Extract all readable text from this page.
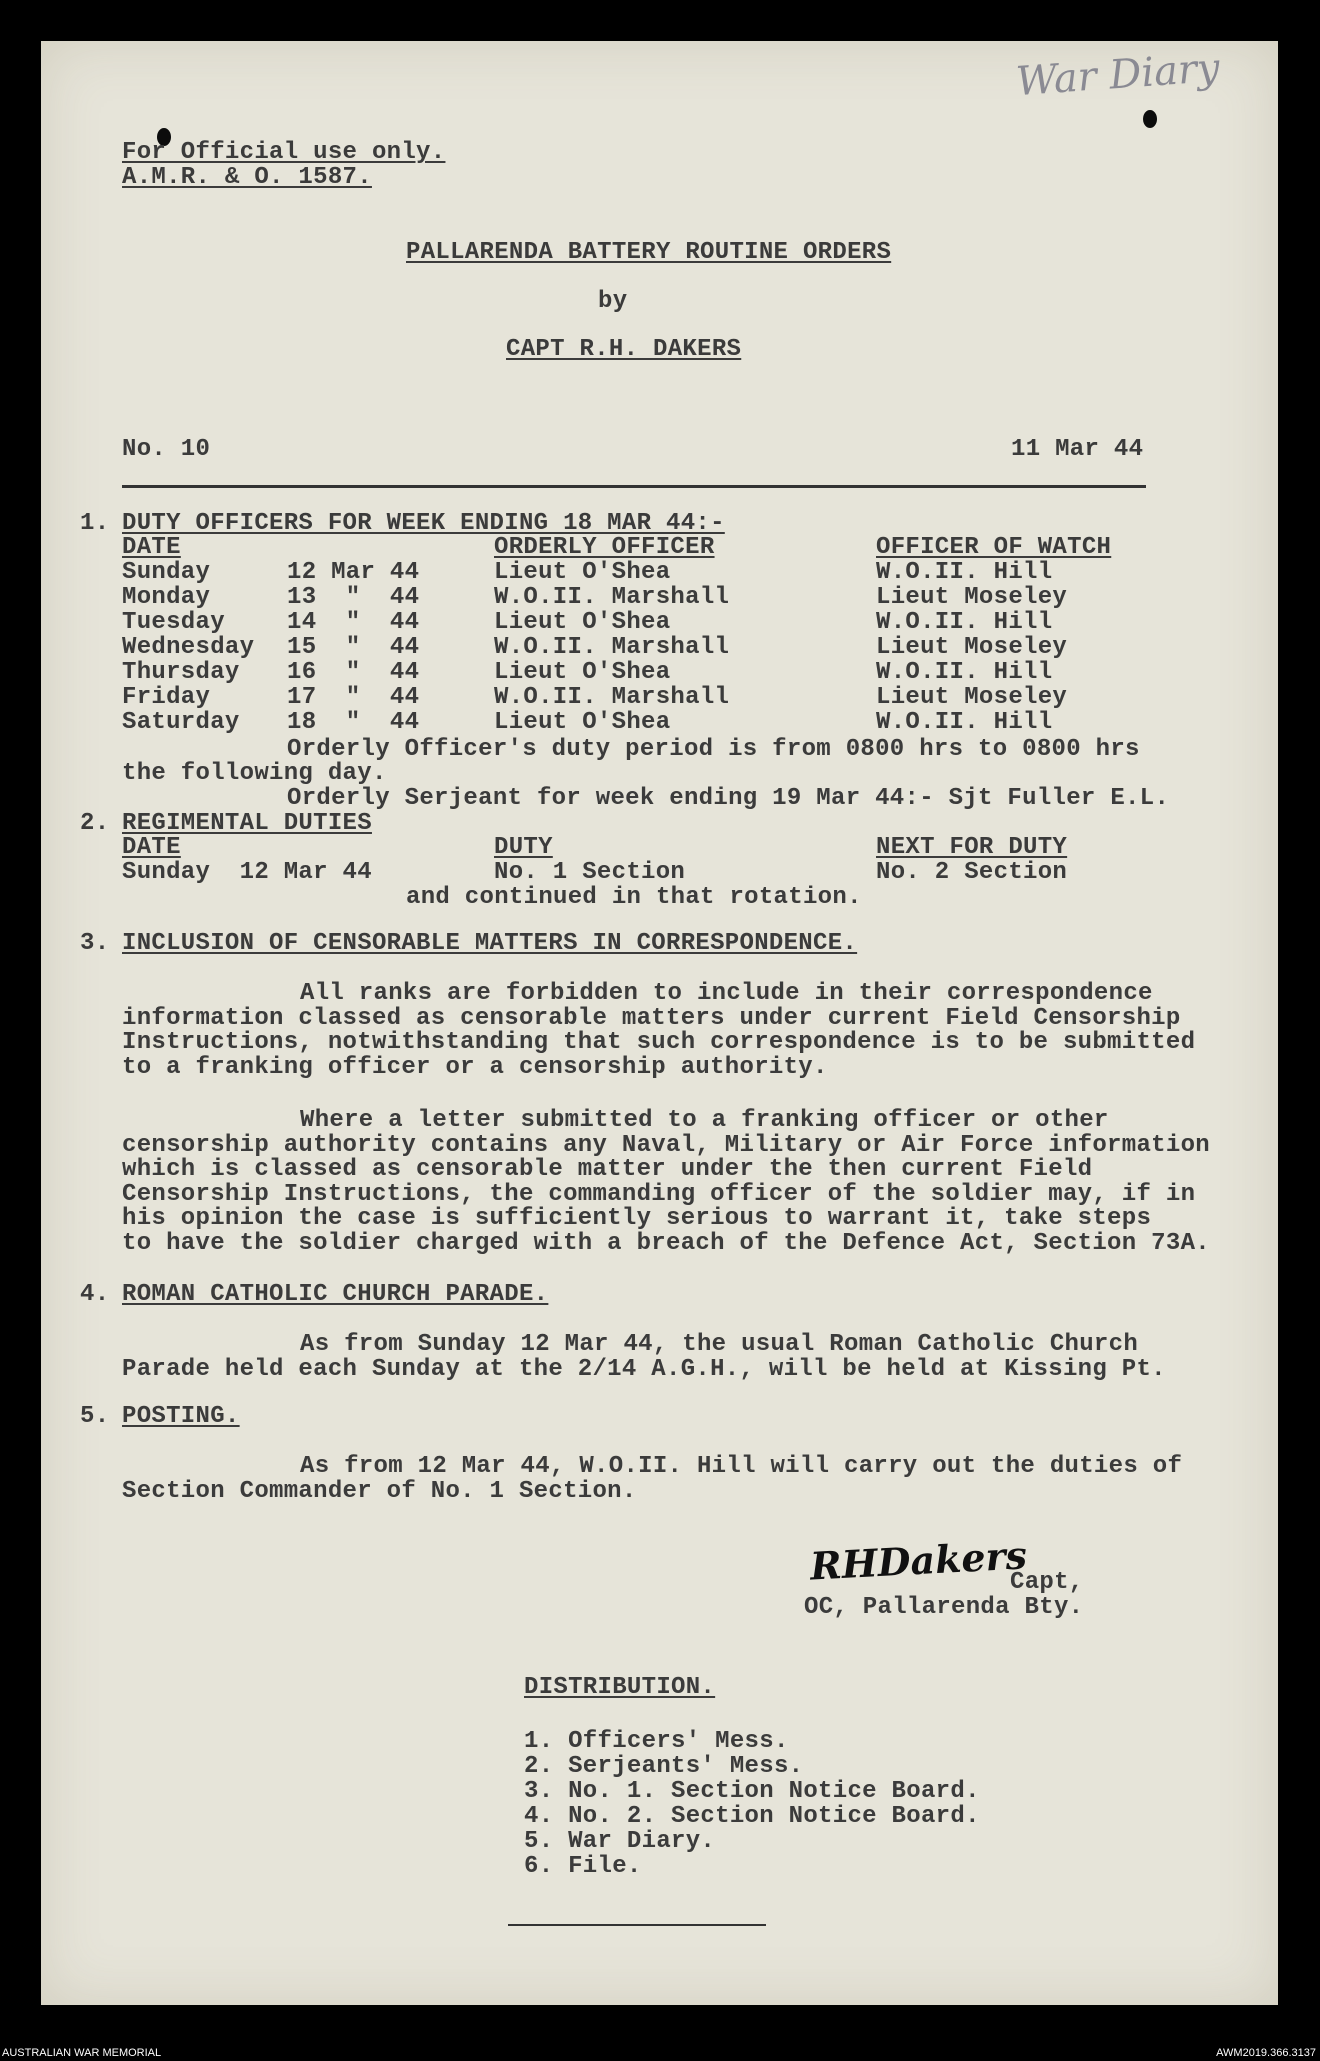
War Diary
For Official use only.
A.M.R. & O. 1587.
PALLARENDA BATTERY ROUTINE ORDERS
by
CAPT R.H. DAKERS
No. 10	11 Mar 44
1. DUTY OFFICERS FOR WEEK ENDING 18 MAR 44:-
DATE	ORDERLY OFFICER	OFFICER OF WATCH
Sunday	12 Mar 44	Lieut O'Shea	W.O.II. Hill
Monday	13  "  44	W.O.II. Marshall	Lieut Moseley
Tuesday	14  "  44	Lieut O'Shea	W.O.II. Hill
Wednesday 15  "  44	W.O.II. Marshall	Lieut Moseley
Thursday 16  "  44	Lieut O'Shea	W.O.II. Hill
Friday	17  "  44	W.O.II. Marshall	Lieut Moseley
Saturday 18  "  44	Lieut O'Shea	W.O.II. Hill
Orderly Officer's duty period is from 0800 hrs to 0800 hrs
the following day.
Orderly Serjeant for week ending 19 Mar 44:- Sjt Fuller E.L.
2. REGIMENTAL DUTIES
DATE	DUTY	NEXT FOR DUTY
Sunday  12 Mar 44	No. 1 Section	No. 2 Section
and continued in that rotation.
3. INCLUSION OF CENSORABLE MATTERS IN CORRESPONDENCE.
All ranks are forbidden to include in their correspondence
information classed as censorable matters under current Field Censorship
Instructions, notwithstanding that such correspondence is to be submitted
to a franking officer or a censorship authority.
Where a letter submitted to a franking officer or other
censorship authority contains any Naval, Military or Air Force information
which is classed as censorable matter under the then current Field
Censorship Instructions, the commanding officer of the soldier may, if in
his opinion the case is sufficiently serious to warrant it, take steps
to have the soldier charged with a breach of the Defence Act, Section 73A.
4. ROMAN CATHOLIC CHURCH PARADE.
As from Sunday 12 Mar 44, the usual Roman Catholic Church
Parade held each Sunday at the 2/14 A.G.H., will be held at Kissing Pt.
5. POSTING.
As from 12 Mar 44, W.O.II. Hill will carry out the duties of
Section Commander of No. 1 Section.
RHDakers
Capt,
OC, Pallarenda Bty.
DISTRIBUTION.
1. Officers' Mess.
2. Serjeants' Mess.
3. No. 1. Section Notice Board.
4. No. 2. Section Notice Board.
5. War Diary.
6. File.
AUSTRALIAN WAR MEMORIAL	AWM2019.366.3137
